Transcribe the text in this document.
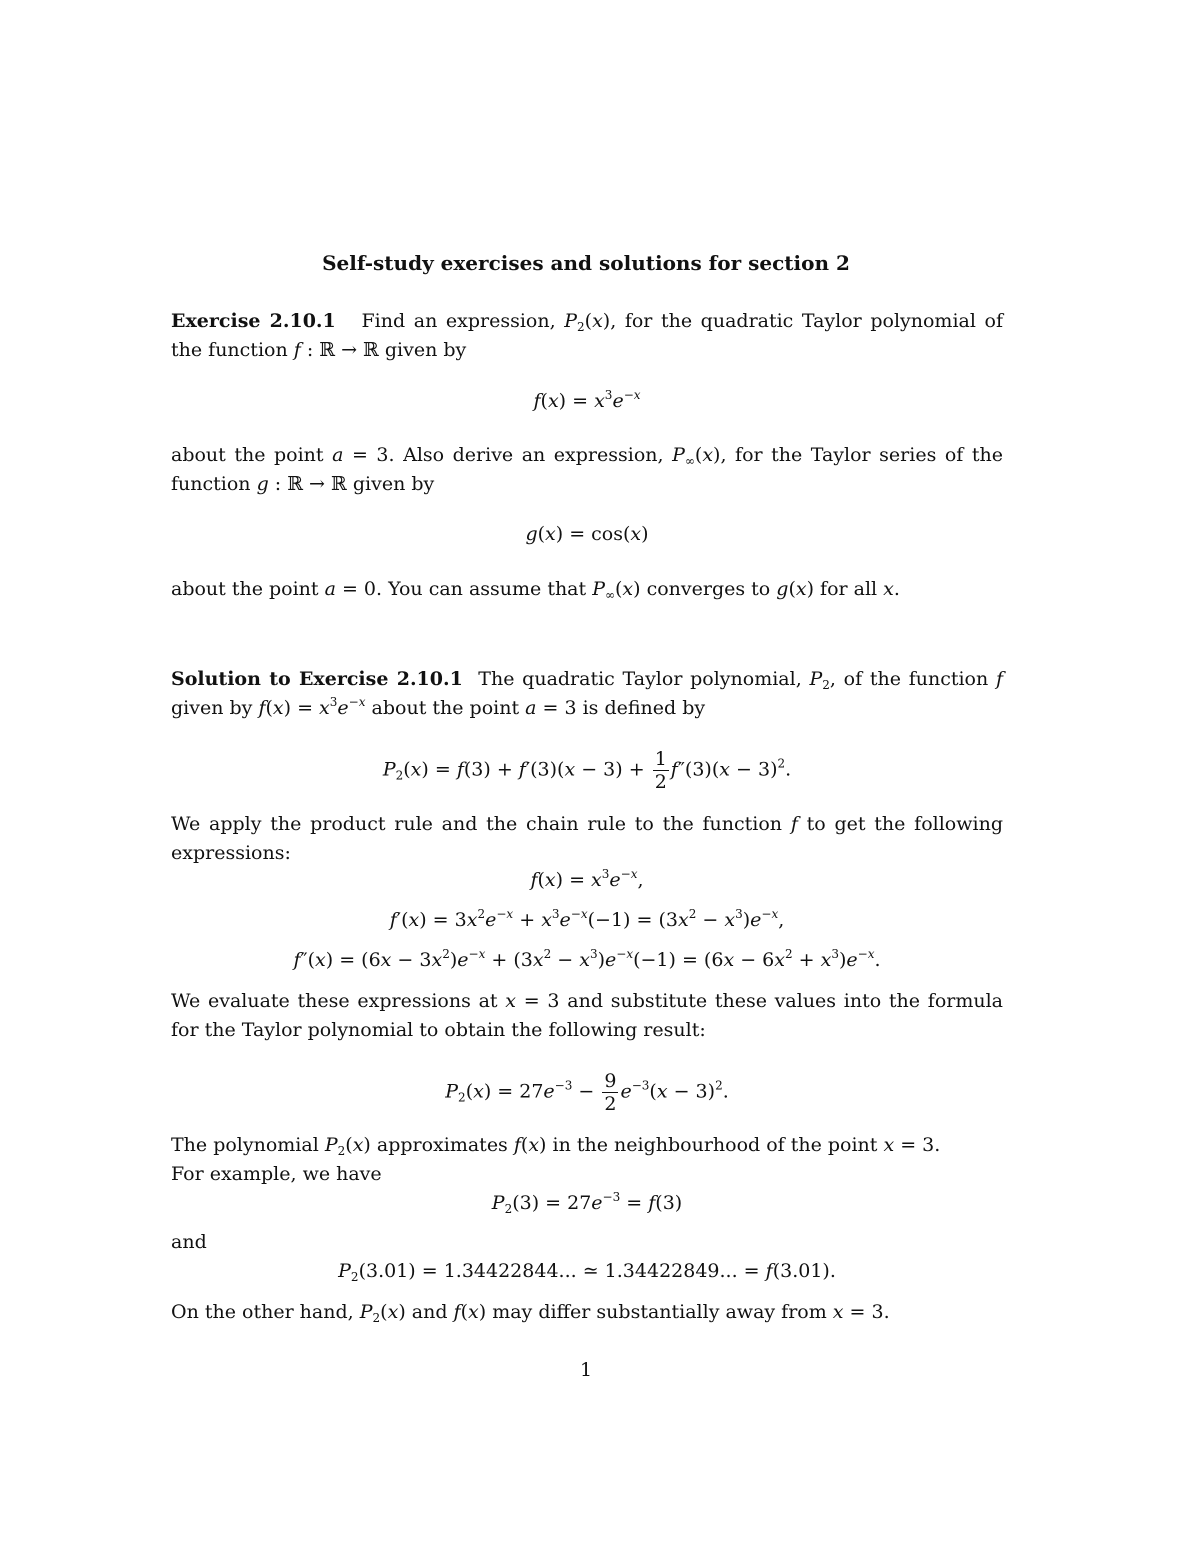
Self-study exercises and solutions for section 2

Exercise 2.10.1 Find an expression, $P_2(x)$, for the quadratic Taylor polynomial of the function f : ℝ → ℝ given by

$f(x) = x^3e^{-x}$

about the point a = 3. Also derive an expression, $P_\infty(x)$, for the Taylor series of the function g : ℝ → ℝ given by

g(x) = cos(x)

about the point a = 0. You can assume that $P_\infty(x)$ converges to g(x) for all x.

Solution to Exercise 2.10.1 The quadratic Taylor polynomial, $P_2$, of the function f given by $f(x) = x^3e^{-x}$ about the point a = 3 is defined by

$P_2(x) = f(3) + f'(3)(x - 3) + \frac{1}{2} f''(3)(x - 3)^2$.

We apply the product rule and the chain rule to the function f to get the following expressions:

$f(x) = x^3e^{-x}$,
$f'(x) = 3x^2e^{-x} + x^3e^{-x}(-1) = (3x^2 - x^3)e^{-x}$,
$f''(x) = (6x - 3x^2)e^{-x} + (3x^2 - x^3)e^{-x}(-1) = (6x - 6x^2 + x^3)e^{-x}$.

We evaluate these expressions at x = 3 and substitute these values into the formula for the Taylor polynomial to obtain the following result:

$P_2(x) = 27e^{-3} - \frac{9}{2} e^{-3}(x - 3)^2$.

The polynomial $P_2(x)$ approximates f(x) in the neighbourhood of the point x = 3.
For example, we have

$P_2(3) = 27e^{-3} = f(3)$

and

$P_2(3.01) = 1.34422844$... ≃ 1.34422849... = f(3.01).

On the other hand, $P_2(x)$ and f(x) may differ substantially away from x = 3.

1
